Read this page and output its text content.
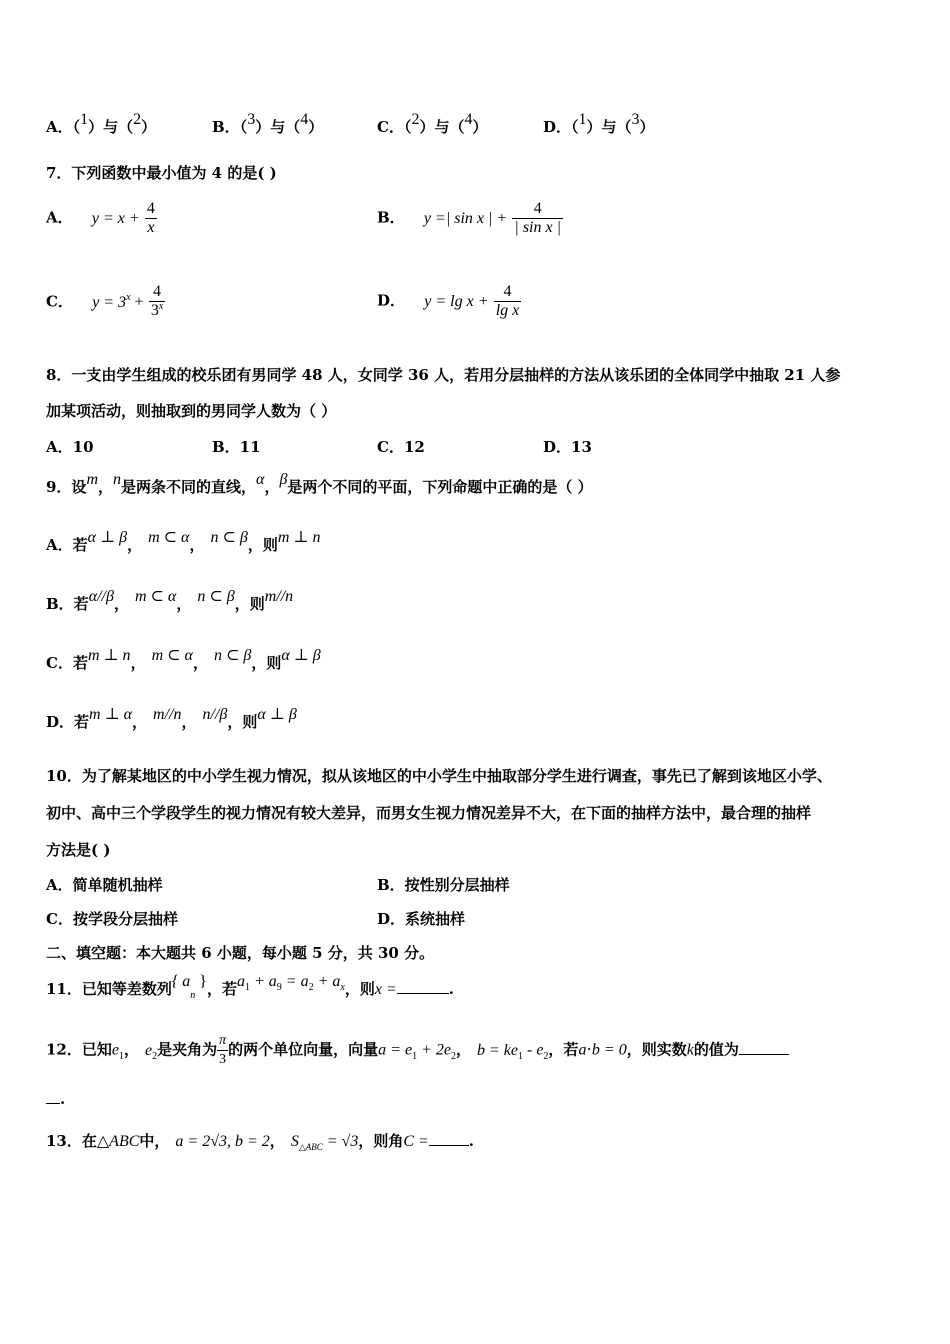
A．（1）与（2）	B．（3）与（4）	C．（2）与（4）	D．（1）与（3）
7．下列函数中最小值为 4 的是( )
A． $y = x + \frac{4}{x}$	B． y =| sin x | + $\frac{4}{\text{| sin x |}}$
C． $y = 3^x + \frac{4}{3^x}$	D． $y = \lg x + \frac{4}{\text{lg x}}$
8．一支由学生组成的校乐团有男同学 48 人，女同学 36 人，若用分层抽样的方法从该乐团的全体同学中抽取 21 人参
加某项活动，则抽取到的男同学人数为（ ）
A．10	B．11	C．12	D．13
9．设m，n是两条不同的直线，α，β是两个不同的平面，下列命题中正确的是（ ）
A．若α ⊥ β， m ⊂ α， n ⊂ β，则m ⊥ n
B．若α//β， m ⊂ α， n ⊂ β，则m//n
C．若m ⊥ n， m ⊂ α， n ⊂ β，则α ⊥ β
D．若m ⊥ α， m//n， n//β，则α ⊥ β
10．为了解某地区的中小学生视力情况，拟从该地区的中小学生中抽取部分学生进行调查，事先已了解到该地区小学、
初中、高中三个学段学生的视力情况有较大差异，而男女生视力情况差异不大，在下面的抽样方法中，最合理的抽样
方法是( )
A．简单随机抽样	B．按性别分层抽样
C．按学段分层抽样	D．系统抽样
二、填空题：本大题共 6 小题，每小题 5 分，共 30 分。
11．已知等差数列{ $a_n$ }，若$a^1 + a^9 = a^2 + a^x$，则x =	.
12．已知$e_1$， $e_2$是夹角为 $\frac{\pi}{3}$ 的两个单位向量，向量$a = e_1 + 2e_2$， $b = ke_1 - e_2$，若a⋅b = 0，则实数k的值为
.
13．在△ABC中， a = 2√3, b = 2， $S_{\triangle ABC} = √3$，则角C =	.
